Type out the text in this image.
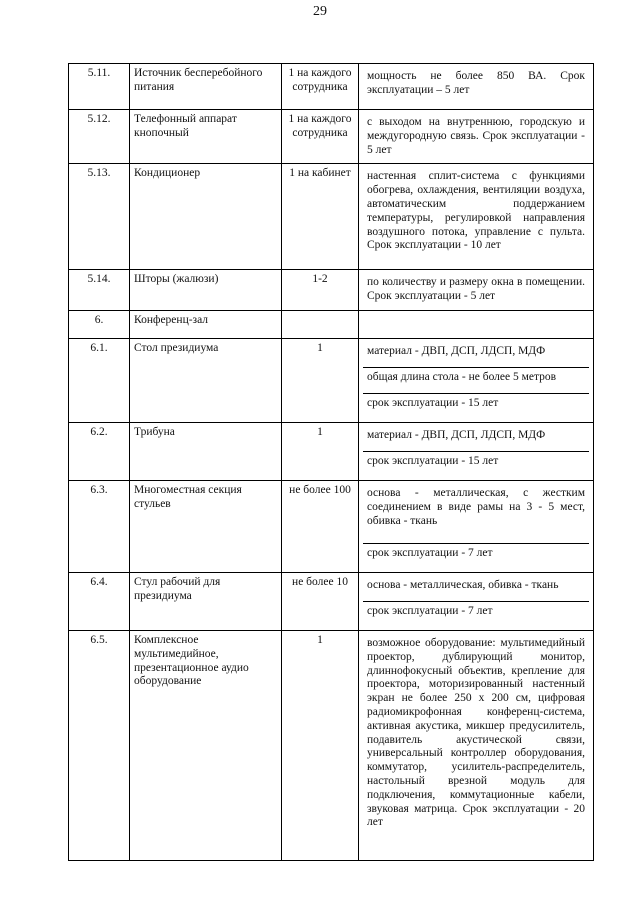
29
5.11.	Источник бесперебойного питания	1 на каждого сотрудника	мощность не более 850 ВА. Срок эксплуатации – 5 лет

5.12.	Телефонный аппарат кнопочный	1 на каждого сотрудника	с выходом на внутреннюю, городскую и междугородную связь. Срок эксплуатации - 5 лет

5.13.	Кондиционер	1 на кабинет	настенная сплит-система с функциями обогрева, охлаждения, вентиляции воздуха, автоматическим поддержанием температуры, регулировкой направления воздушного потока, управление с пульта. Срок эксплуатации - 10 лет

5.14.	Шторы (жалюзи)	1-2	по количеству и размеру окна в помещении. Срок эксплуатации - 5 лет

6.	Конференц-зал		

6.1.	Стол президиума	1	материал - ДВП, ДСП, ЛДСП, МДФ
общая длина стола - не более 5 метров
срок эксплуатации - 15 лет

6.2.	Трибуна	1	материал - ДВП, ДСП, ЛДСП, МДФ
срок эксплуатации - 15 лет

6.3.	Многоместная секция стульев	не более 100	основа - металлическая, с жестким соединением в виде рамы на 3 - 5 мест, обивка - ткань
срок эксплуатации - 7 лет

6.4.	Стул рабочий для президиума	не более 10	основа - металлическая, обивка - ткань
срок эксплуатации - 7 лет

6.5.	Комплексное мультимедийное, презентационное аудио оборудование	1	возможное оборудование: мультимедийный проектор, дублирующий монитор, длиннофокусный объектив, крепление для проектора, моторизированный настенный экран не более 250 х 200 см, цифровая радиомикрофонная конференц-система, активная акустика, микшер предусилитель, подавитель акустической связи, универсальный контроллер оборудования, коммутатор, усилитель-распределитель, настольный врезной модуль для подключения, коммутационные кабели, звуковая матрица. Срок эксплуатации - 20 лет
